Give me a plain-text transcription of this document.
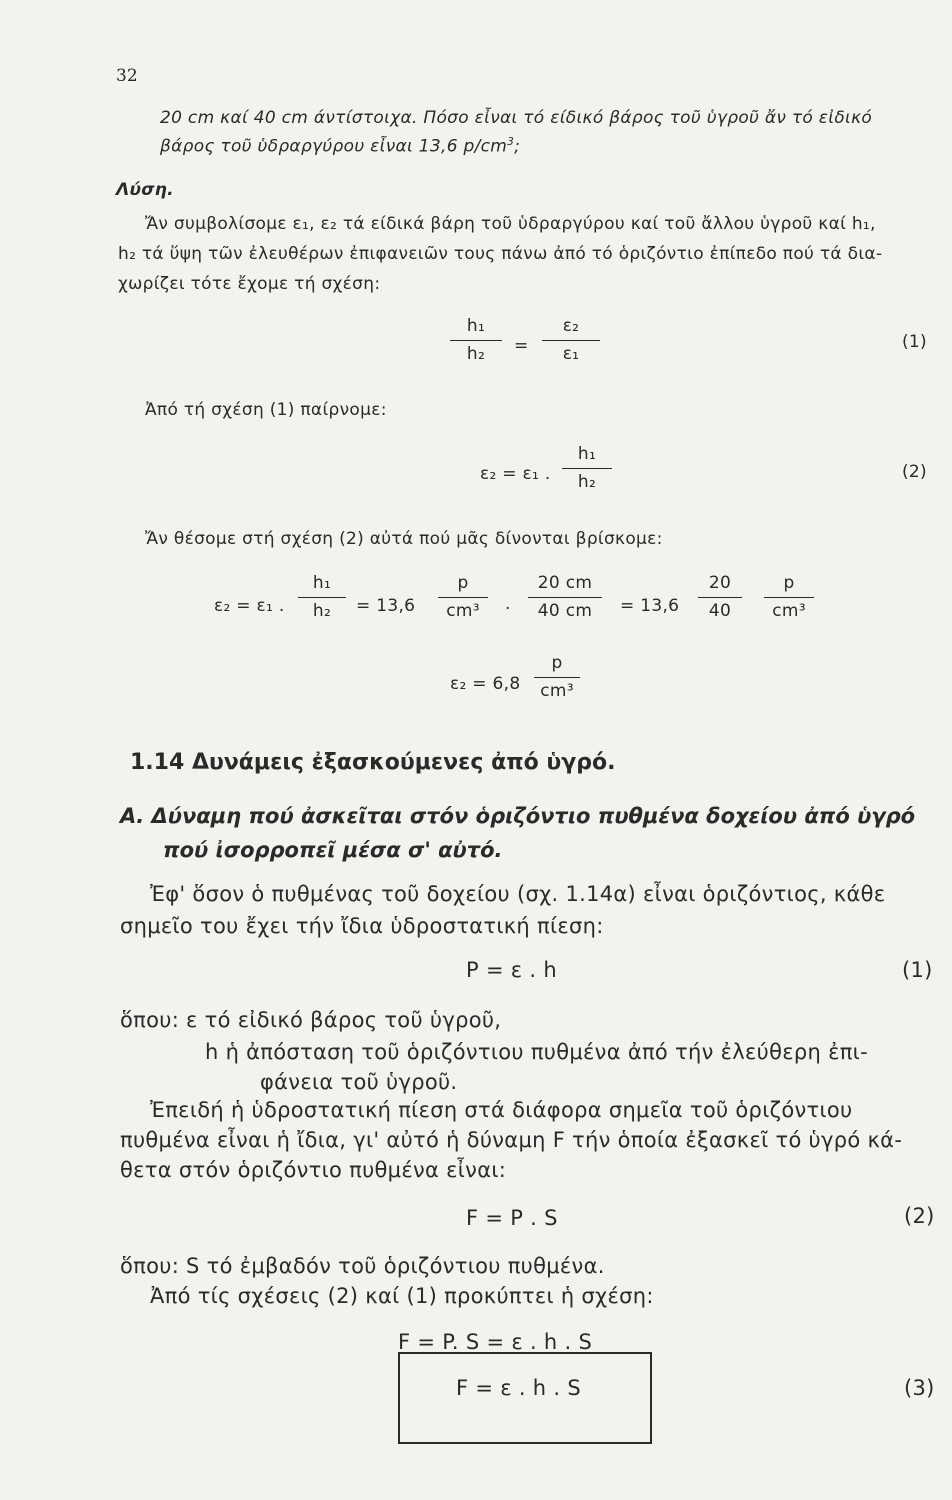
32
20 cm καί 40 cm άντίστοιχα. Πόσο εἶναι τό είδικό βάρος τοῦ ὑγροῦ ἄν τό εἰδικό
βάρος τοῦ ὑδραργύρου εἶναι 13,6 $p/cm^3$;
Λύση.
Ἄν συμβολίσομε ε₁, ε₂ τά είδικά βάρη τοῦ ὑδραργύρου καί τοῦ ἄλλου ὑγροῦ καί h₁,
h₂ τά ὕψη τῶν ἐλευθέρων ἐπιφανειῶν τους πάνω ἀπό τό ὁριζόντιο ἐπίπεδο πού τά δια-
χωρίζει τότε ἔχομε τή σχέση:
h₁
h₂	=
ε₂
ε₁
(1)
Ἀπό τή σχέση (1) παίρνομε:
ε₂ = ε₁ .
h₁
h₂	(2)
Ἄν θέσομε στή σχέση (2) αὐτά πού μᾶς δίνονται βρίσκομε:
ε₂ = ε₁ .
h₁
h₂	= 13,6
p
cm³	.
20 cm
40 cm	= 13,6
20
40
p
cm³
ε₂ = 6,8
p
cm³
1.14 Δυνάμεις ἐξασκούμενες ἀπό ὑγρό.
Α. Δύναμη πού ἀσκεῖται στόν ὁριζόντιο πυθμένα δοχείου ἀπό ὑγρό
πού ἰσορροπεῖ μέσα σ' αὐτό.
Ἐφ' ὅσον ὁ πυθμένας τοῦ δοχείου (σχ. 1.14α) εἶναι ὁριζόντιος, κάθε
σημεῖο του ἔχει τήν ἴδια ὑδροστατική πίεση:
P = ε . h	(1)
ὅπου: ε τό εἰδικό βάρος τοῦ ὑγροῦ,
h ἡ ἀπόσταση τοῦ ὁριζόντιου πυθμένα ἀπό τήν ἐλεύθερη ἐπι-
φάνεια τοῦ ὑγροῦ.
Ἐπειδή ἡ ὑδροστατική πίεση στά διάφορα σημεῖα τοῦ ὁριζόντιου
πυθμένα εἶναι ἡ ἴδια, γι' αὐτό ἡ δύναμη F τήν ὁποία ἐξασκεῖ τό ὑγρό κά-
θετα στόν ὁριζόντιο πυθμένα εἶναι:
F = P . S	(2)
ὅπου: S τό ἐμβαδόν τοῦ ὁριζόντιου πυθμένα.
Ἀπό τίς σχέσεις (2) καί (1) προκύπτει ἡ σχέση:
F = P. S = ε . h . S
F = ε . h . S	(3)
